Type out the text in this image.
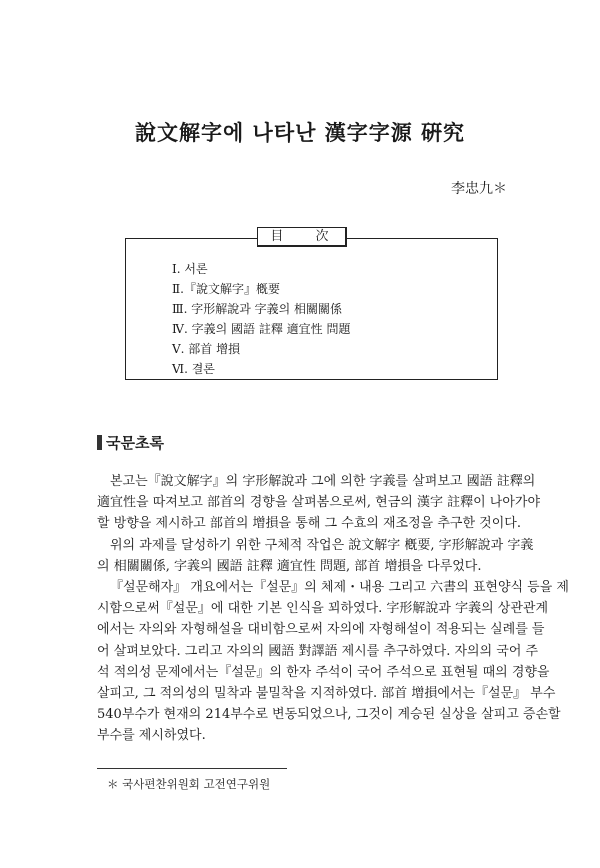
說文解字에 나타난 漢字字源 硏究
李忠九＊
目 次
Ⅰ. 서론
Ⅱ.『說文解字』槪要
Ⅲ. 字形解說과 字義의 相關關係
Ⅳ. 字義의 國語 註釋 適宜性 問題
Ⅴ. 部首 增損
Ⅵ. 결론
국문초록
본고는『說文解字』의 字形解說과 그에 의한 字義를 살펴보고 國語 註釋의
適宜性을 따져보고 部首의 경향을 살펴봄으로써, 현금의 漢字 註釋이 나아가야
할 방향을 제시하고 部首의 增損을 통해 그 수효의 재조정을 추구한 것이다.
위의 과제를 달성하기 위한 구체적 작업은 說文解字 槪要, 字形解說과 字義
의 相關關係, 字義의 國語 註釋 適宜性 問題, 部首 增損을 다루었다.
『설문해자』 개요에서는『설문』의 체제・내용 그리고 六書의 표현양식 등을 제
시함으로써『설문』에 대한 기본 인식을 꾀하였다. 字形解說과 字義의 상관관계
에서는 자의와 자형해설을 대비함으로써 자의에 자형해설이 적용되는 실례를 들
어 살펴보았다. 그리고 자의의 國語 對譯語 제시를 추구하였다. 자의의 국어 주
석 적의성 문제에서는『설문』의 한자 주석이 국어 주석으로 표현될 때의 경향을
살피고, 그 적의성의 밀착과 불밀착을 지적하였다. 部首 增損에서는『설문』 부수
540부수가 현재의 214부수로 변동되었으나, 그것이 계승된 실상을 살피고 증손할
부수를 제시하였다.
＊ 국사편찬위원회 고전연구위원
